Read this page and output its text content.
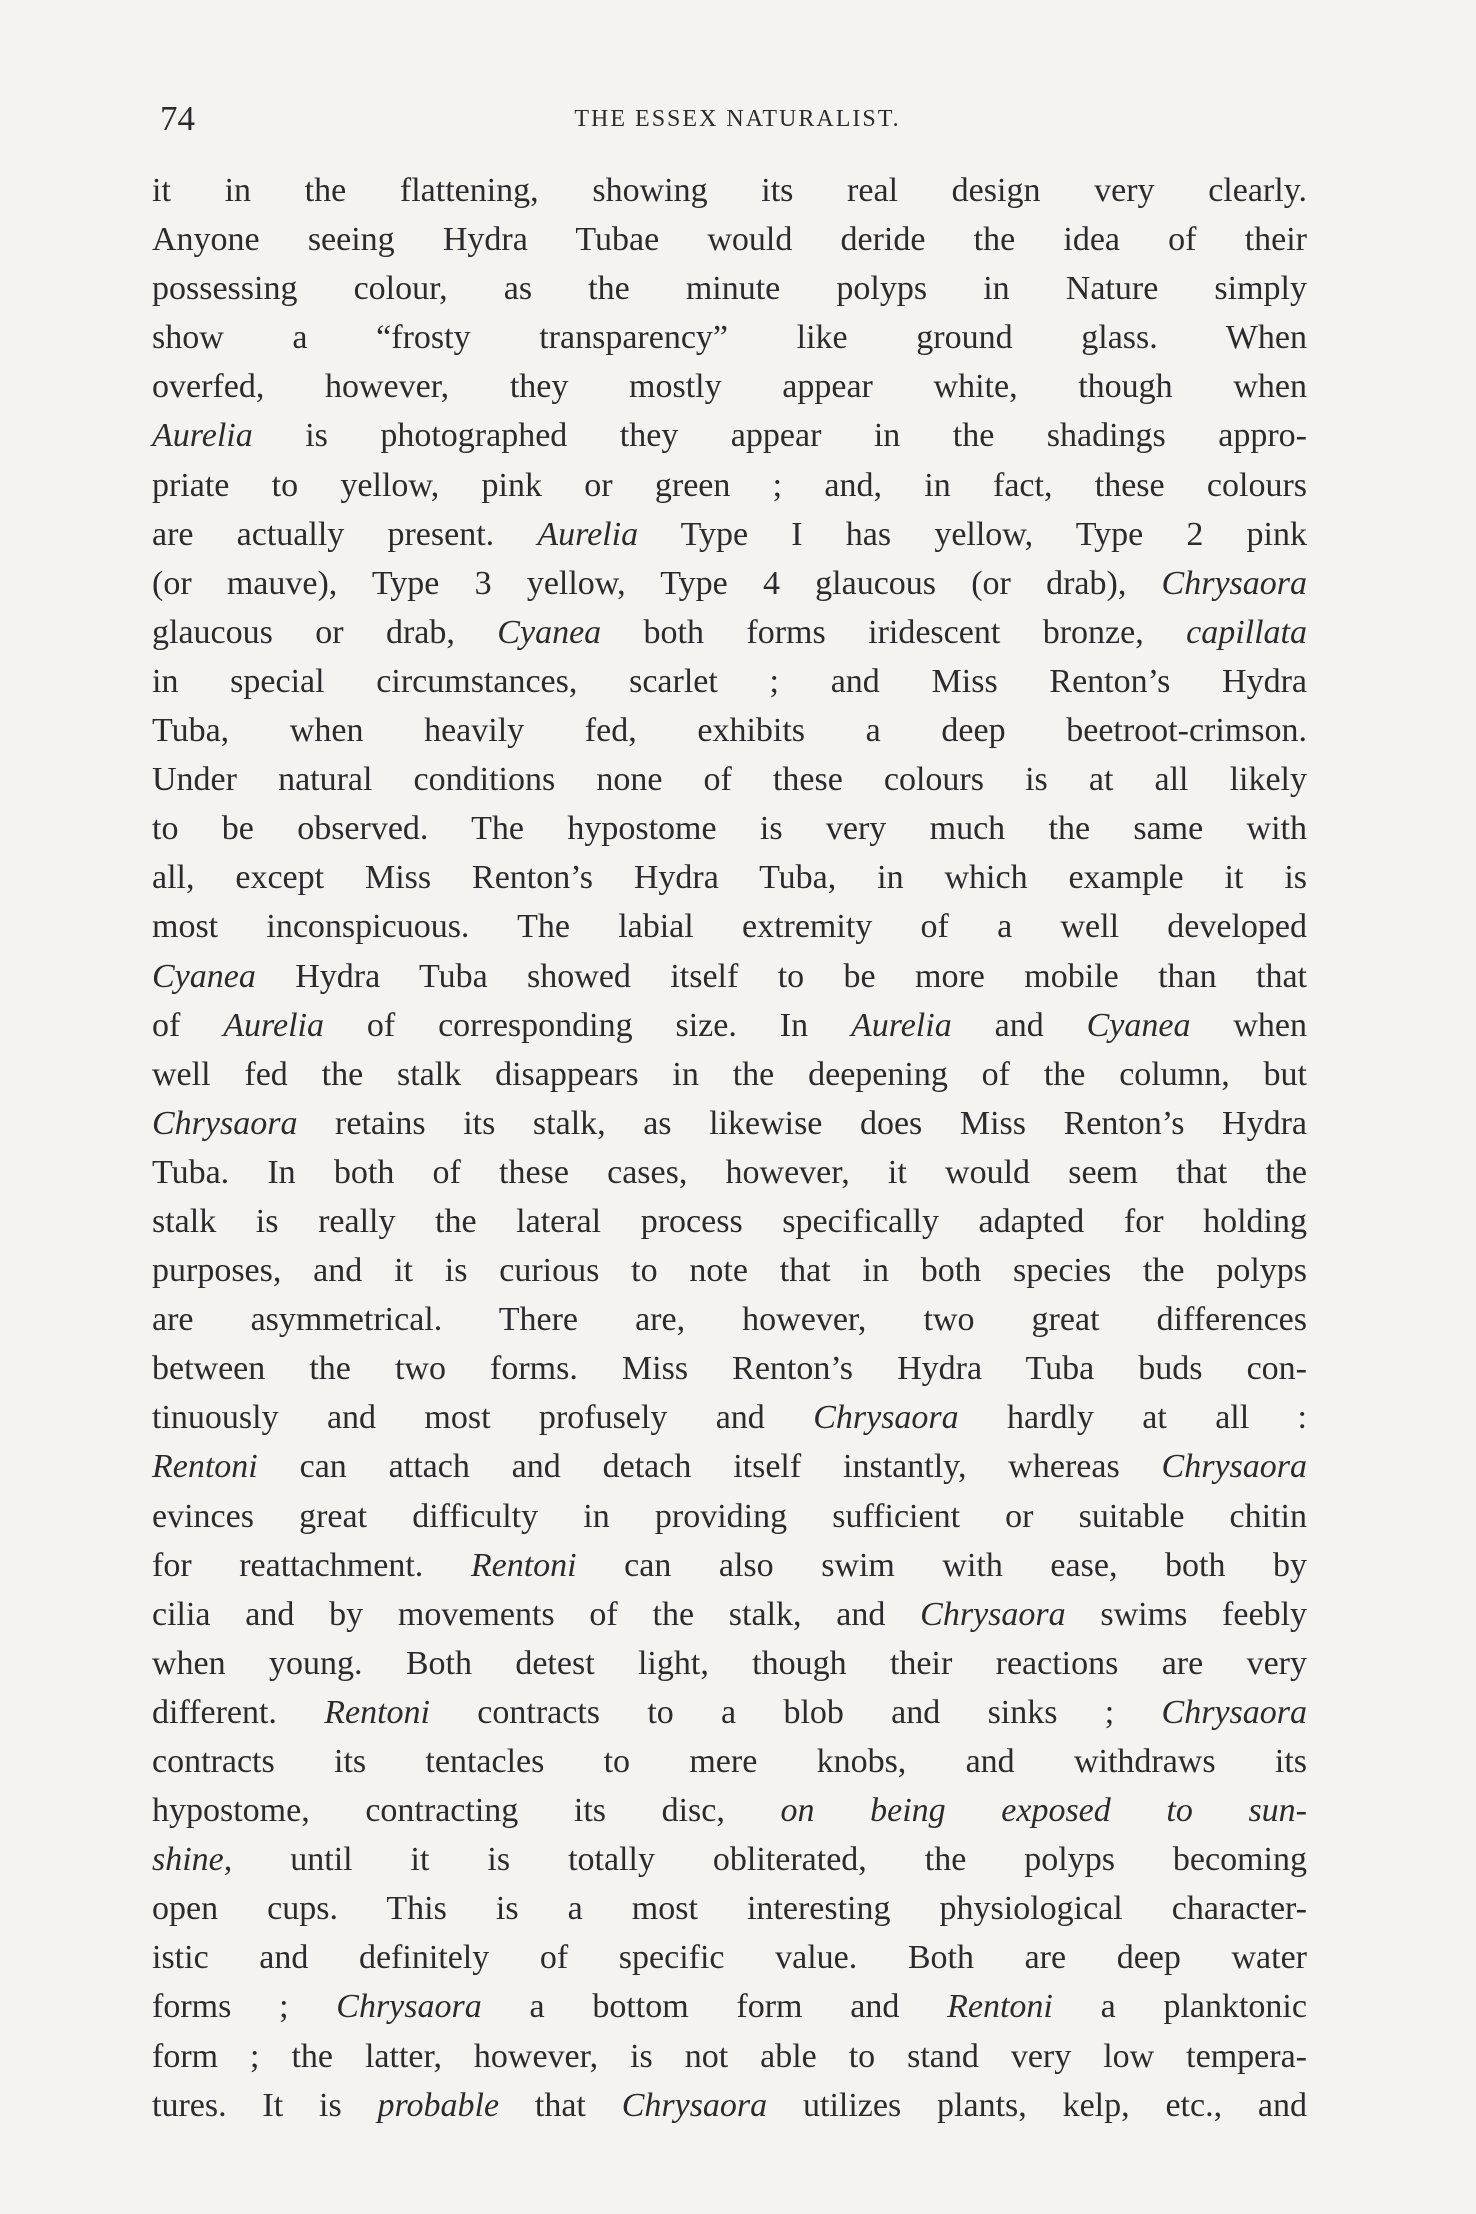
74	THE ESSEX NATURALIST.
it in the flattening, showing its real design very clearly.
Anyone seeing Hydra Tubae would deride the idea of their
possessing colour, as the minute polyps in Nature simply
show a “frosty transparency” like ground glass. When
overfed, however, they mostly appear white, though when
Aurelia is photographed they appear in the shadings appro-
priate to yellow, pink or green ; and, in fact, these colours
are actually present. Aurelia Type I has yellow, Type 2 pink
(or mauve), Type 3 yellow, Type 4 glaucous (or drab), Chrysaora
glaucous or drab, Cyanea both forms iridescent bronze, capillata
in special circumstances, scarlet ; and Miss Renton’s Hydra
Tuba, when heavily fed, exhibits a deep beetroot-crimson.
Under natural conditions none of these colours is at all likely
to be observed. The hypostome is very much the same with
all, except Miss Renton’s Hydra Tuba, in which example it is
most inconspicuous. The labial extremity of a well developed
Cyanea Hydra Tuba showed itself to be more mobile than that
of Aurelia of corresponding size. In Aurelia and Cyanea when
well fed the stalk disappears in the deepening of the column, but
Chrysaora retains its stalk, as likewise does Miss Renton’s Hydra
Tuba. In both of these cases, however, it would seem that the
stalk is really the lateral process specifically adapted for holding
purposes, and it is curious to note that in both species the polyps
are asymmetrical. There are, however, two great differences
between the two forms. Miss Renton’s Hydra Tuba buds con-
tinuously and most profusely and Chrysaora hardly at all :
Rentoni can attach and detach itself instantly, whereas Chrysaora
evinces great difficulty in providing sufficient or suitable chitin
for reattachment. Rentoni can also swim with ease, both by
cilia and by movements of the stalk, and Chrysaora swims feebly
when young. Both detest light, though their reactions are very
different. Rentoni contracts to a blob and sinks ; Chrysaora
contracts its tentacles to mere knobs, and withdraws its
hypostome, contracting its disc, on being exposed to sun-
shine, until it is totally obliterated, the polyps becoming
open cups. This is a most interesting physiological character-
istic and definitely of specific value. Both are deep water
forms ; Chrysaora a bottom form and Rentoni a planktonic
form ; the latter, however, is not able to stand very low tempera-
tures. It is probable that Chrysaora utilizes plants, kelp, etc., and
